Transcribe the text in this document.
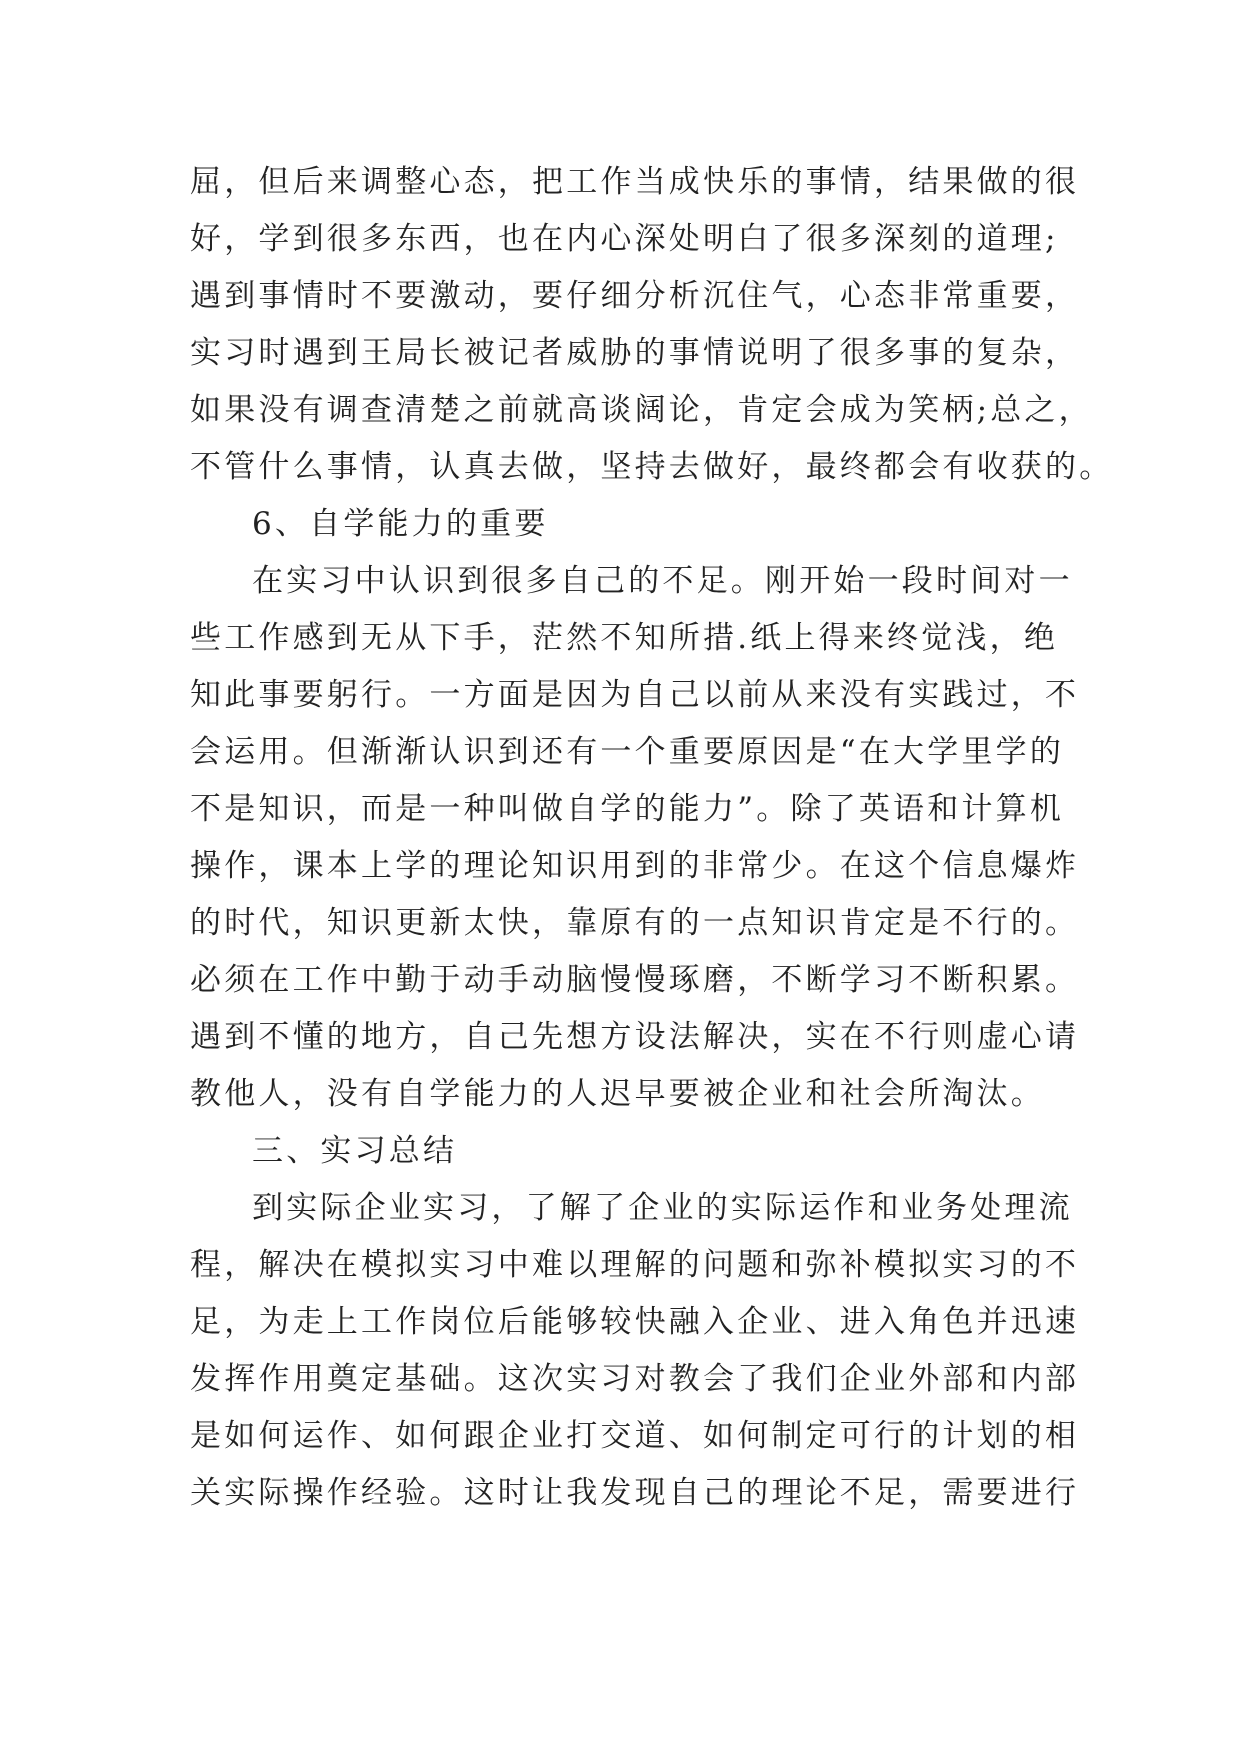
屈，但后来调整心态，把工作当成快乐的事情，结果做的很
好，学到很多东西，也在内心深处明白了很多深刻的道理;
遇到事情时不要激动，要仔细分析沉住气，心态非常重要，
实习时遇到王局长被记者威胁的事情说明了很多事的复杂，
如果没有调查清楚之前就高谈阔论，肯定会成为笑柄;总之，
不管什么事情，认真去做，坚持去做好，最终都会有收获的。
6、自学能力的重要
在实习中认识到很多自己的不足。刚开始一段时间对一
些工作感到无从下手，茫然不知所措.纸上得来终觉浅，绝
知此事要躬行。一方面是因为自己以前从来没有实践过，不
会运用。但渐渐认识到还有一个重要原因是“在大学里学的
不是知识，而是一种叫做自学的能力”。除了英语和计算机
操作，课本上学的理论知识用到的非常少。在这个信息爆炸
的时代，知识更新太快，靠原有的一点知识肯定是不行的。
必须在工作中勤于动手动脑慢慢琢磨，不断学习不断积累。
遇到不懂的地方，自己先想方设法解决，实在不行则虚心请
教他人，没有自学能力的人迟早要被企业和社会所淘汰。
三、实习总结
到实际企业实习，了解了企业的实际运作和业务处理流
程，解决在模拟实习中难以理解的问题和弥补模拟实习的不
足，为走上工作岗位后能够较快融入企业、进入角色并迅速
发挥作用奠定基础。这次实习对教会了我们企业外部和内部
是如何运作、如何跟企业打交道、如何制定可行的计划的相
关实际操作经验。这时让我发现自己的理论不足，需要进行
